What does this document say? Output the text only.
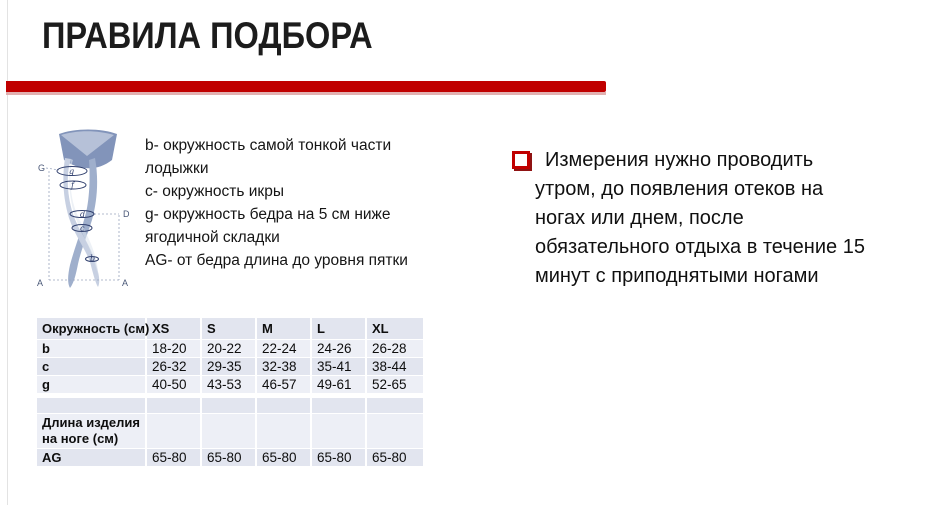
ПРАВИЛА ПОДБОРА
G
D
A	A
g
f
d
c
b
b- окружность самой тонкой части
лодыжки
c- окружность икры
g- окружность бедра на 5 см ниже
ягодичной складки
AG- от бедра длина до уровня пятки
Измерения нужно проводить
утром, до появления отеков на
ногах или днем, после
обязательного отдыха в течение 15
минут с приподнятыми ногами
Окружность (см)	XS	S	M	L	XL
b	18-20	20-22	22-24	24-26	26-28
c	26-32	29-35	32-38	35-41	38-44
g	40-50	43-53	46-57	49-61	52-65

Длина изделия на ноге (см)					
AG	65-80	65-80	65-80	65-80	65-80
